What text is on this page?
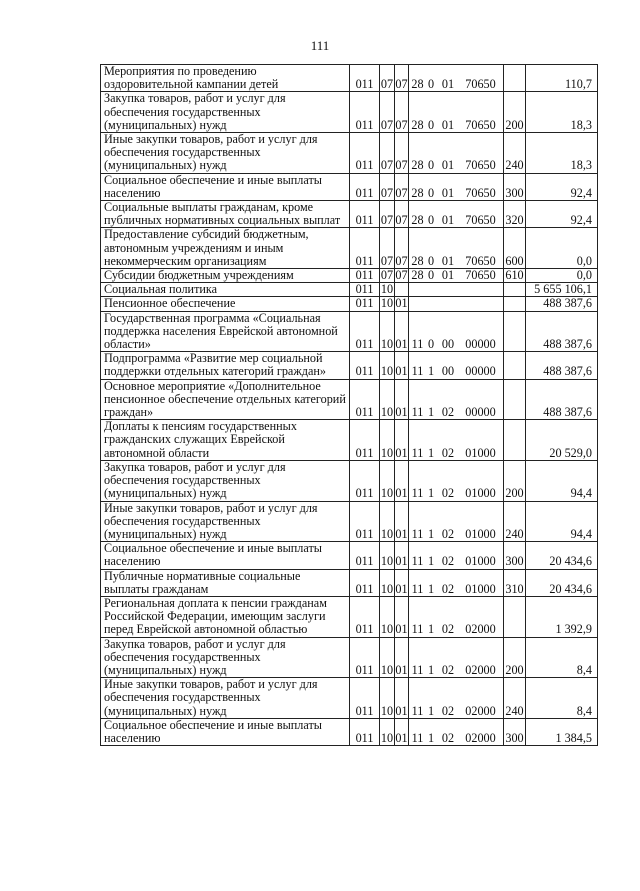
111
Мероприятия по проведению оздоровительной кампании детей	011	07	07	28 0 01 70650		110,7
Закупка товаров, работ и услуг для обеспечения государственных (муниципальных) нужд	011	07	07	28 0 01 70650	200	18,3
Иные закупки товаров, работ и услуг для обеспечения государственных (муниципальных) нужд	011	07	07	28 0 01 70650	240	18,3
Социальное обеспечение и иные выплаты населению	011	07	07	28 0 01 70650	300	92,4
Социальные выплаты гражданам, кроме публичных нормативных социальных выплат	011	07	07	28 0 01 70650	320	92,4
Предоставление субсидий бюджетным, автономным учреждениям и иным некоммерческим организациям	011	07	07	28 0 01 70650	600	0,0
Субсидии бюджетным учреждениям	011	07	07	28 0 01 70650	610	0,0
Социальная политика	011	10				5 655 106,1
Пенсионное обеспечение	011	10	01			488 387,6
Государственная программа «Социальная поддержка населения Еврейской автономной области»	011	10	01	11 0 00 00000		488 387,6
Подпрограмма «Развитие мер социальной поддержки отдельных категорий граждан»	011	10	01	11 1 00 00000		488 387,6
Основное мероприятие «Дополнительное пенсионное обеспечение отдельных категорий граждан»	011	10	01	11 1 02 00000		488 387,6
Доплаты к пенсиям государственных гражданских служащих Еврейской автономной области	011	10	01	11 1 02 01000		20 529,0
Закупка товаров, работ и услуг для обеспечения государственных (муниципальных) нужд	011	10	01	11 1 02 01000	200	94,4
Иные закупки товаров, работ и услуг для обеспечения государственных (муниципальных) нужд	011	10	01	11 1 02 01000	240	94,4
Социальное обеспечение и иные выплаты населению	011	10	01	11 1 02 01000	300	20 434,6
Публичные нормативные социальные выплаты гражданам	011	10	01	11 1 02 01000	310	20 434,6
Региональная доплата к пенсии гражданам Российской Федерации, имеющим заслуги перед Еврейской автономной областью	011	10	01	11 1 02 02000		1 392,9
Закупка товаров, работ и услуг для обеспечения государственных (муниципальных) нужд	011	10	01	11 1 02 02000	200	8,4
Иные закупки товаров, работ и услуг для обеспечения государственных (муниципальных) нужд	011	10	01	11 1 02 02000	240	8,4
Социальное обеспечение и иные выплаты населению	011	10	01	11 1 02 02000	300	1 384,5
